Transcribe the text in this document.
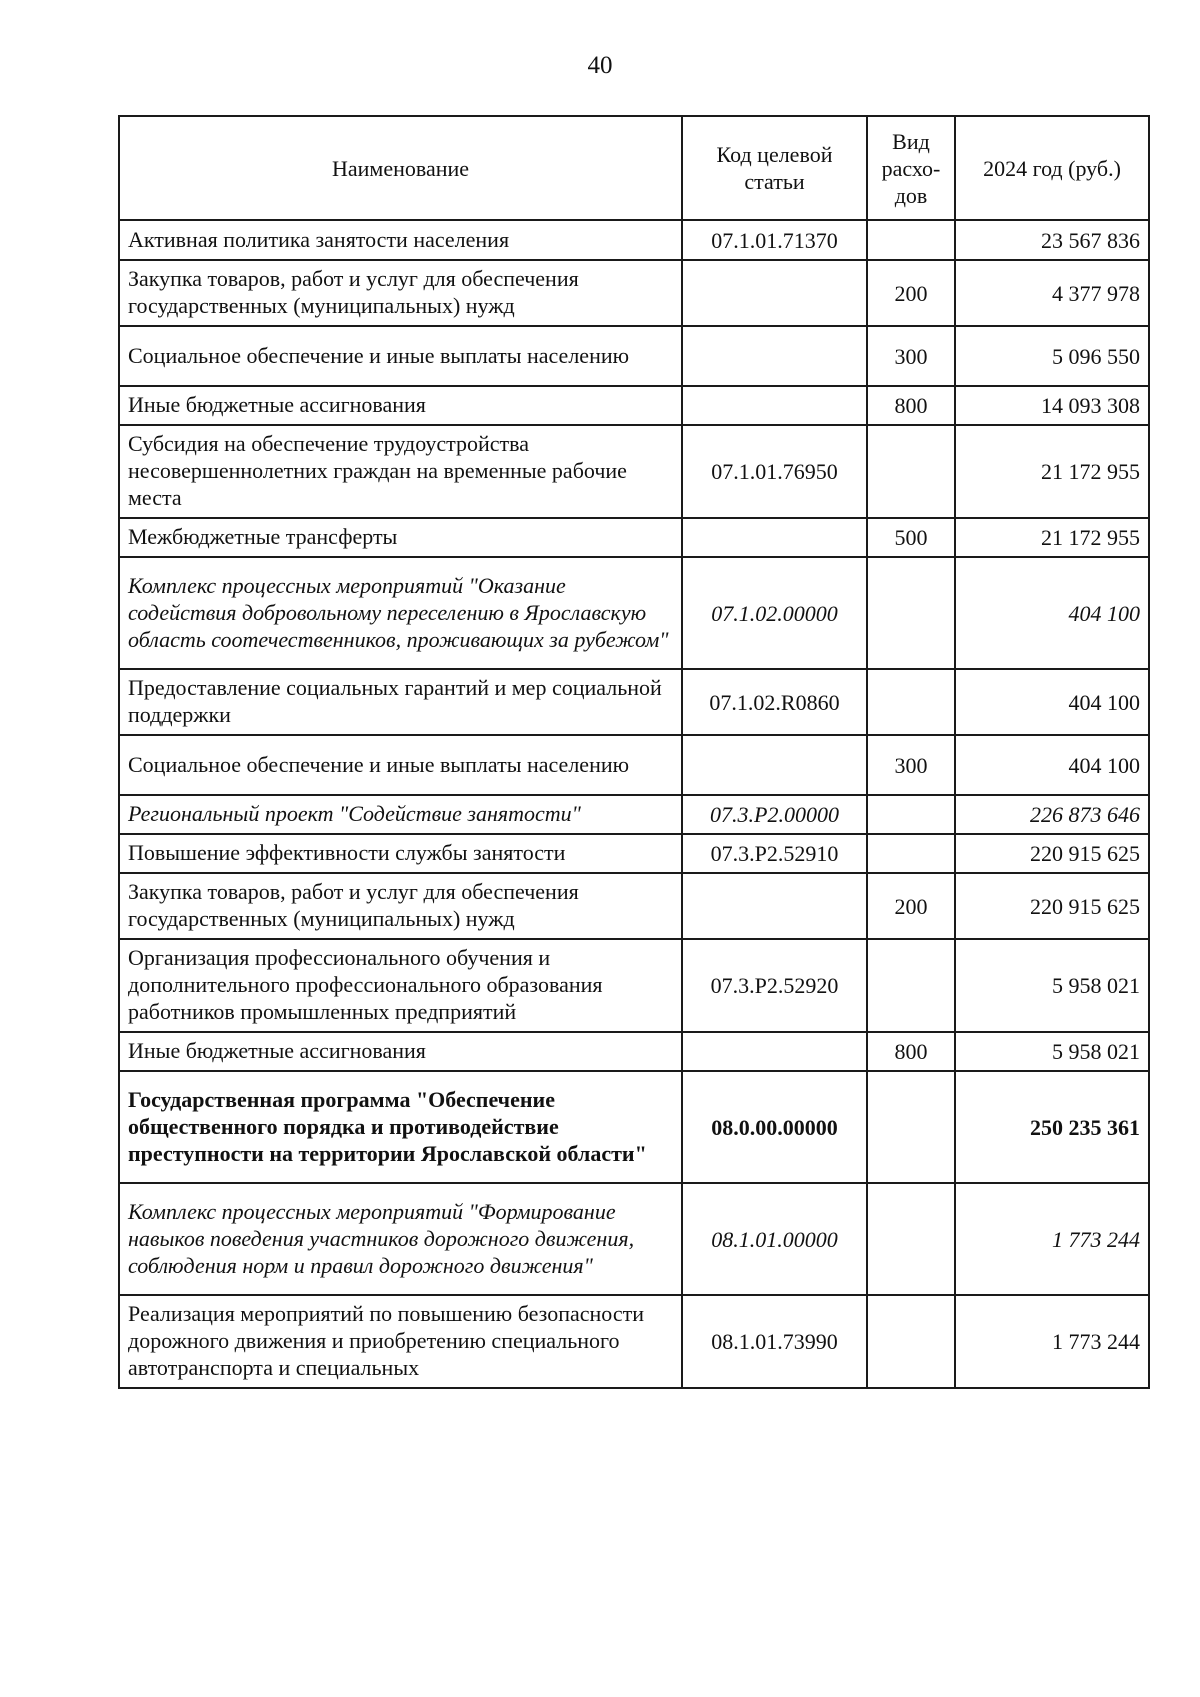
40
Наименование	Код целевой статьи	Вид расхо-дов	2024 год (руб.)
Активная политика занятости населения	07.1.01.71370		23 567 836
Закупка товаров, работ и услуг для обеспечения государственных (муниципальных) нужд		200	4 377 978
Социальное обеспечение и иные выплаты населению		300	5 096 550
Иные бюджетные ассигнования		800	14 093 308
Субсидия на обеспечение трудоустройства несовершеннолетних граждан на временные рабочие места	07.1.01.76950		21 172 955
Межбюджетные трансферты		500	21 172 955
Комплекс процессных мероприятий "Оказание содействия добровольному переселению в Ярославскую область соотечественников, проживающих за рубежом"	07.1.02.00000		404 100
Предоставление социальных гарантий и мер социальной поддержки	07.1.02.R0860		404 100
Социальное обеспечение и иные выплаты населению		300	404 100
Региональный проект "Содействие занятости"	07.3.P2.00000		226 873 646
Повышение эффективности службы занятости	07.3.P2.52910		220 915 625
Закупка товаров, работ и услуг для обеспечения государственных (муниципальных) нужд		200	220 915 625
Организация профессионального обучения и дополнительного профессионального образования работников промышленных предприятий	07.3.P2.52920		5 958 021
Иные бюджетные ассигнования		800	5 958 021
Государственная программа "Обеспечение общественного порядка и противодействие преступности на территории Ярославской области"	08.0.00.00000		250 235 361
Комплекс процессных мероприятий "Формирование навыков поведения участников дорожного движения, соблюдения норм и правил дорожного движения"	08.1.01.00000		1 773 244
Реализация мероприятий по повышению безопасности дорожного движения и приобретению специального автотранспорта и специальных	08.1.01.73990		1 773 244
